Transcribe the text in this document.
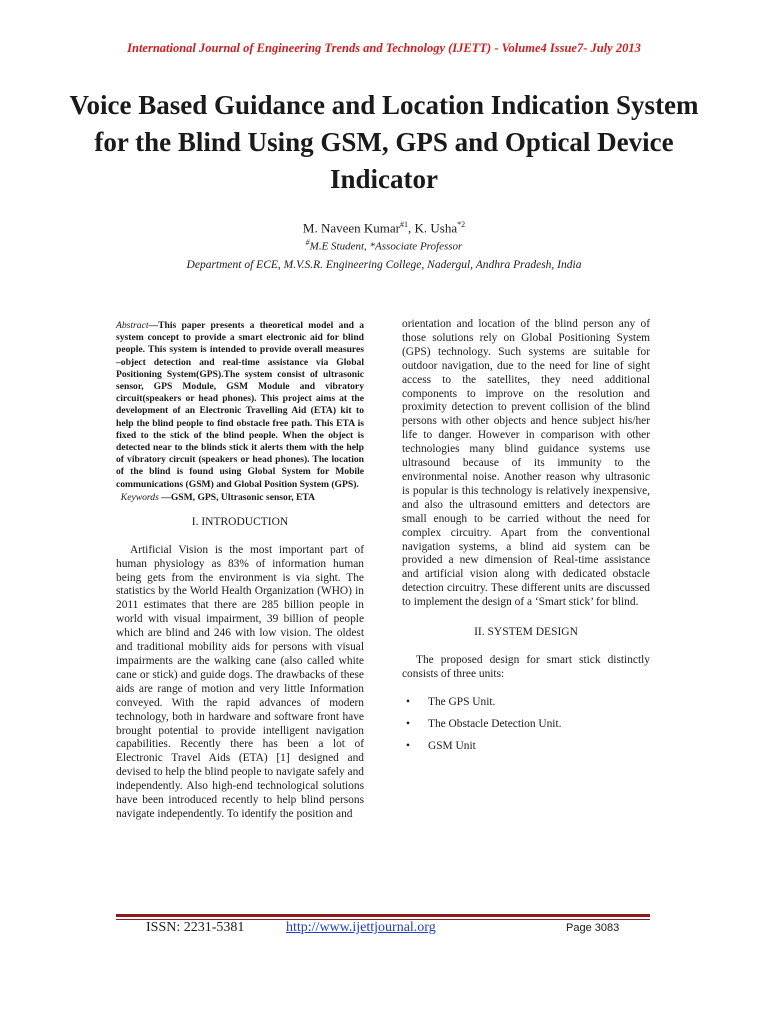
International Journal of Engineering Trends and Technology (IJETT) - Volume4 Issue7- July 2013
Voice Based Guidance and Location Indication System for the Blind Using GSM, GPS and Optical Device Indicator
M. Naveen Kumar$^{\#1}$, K. Usha$^{*2}$
#M.E Student, *Associate Professor
Department of ECE, M.V.S.R. Engineering College, Nadergul, Andhra Pradesh, India

Abstract—This paper presents a theoretical model and a system concept to provide a smart electronic aid for blind people. This system is intended to provide overall measures –object detection and real-time assistance via Global Positioning System(GPS).The system consist of ultrasonic sensor, GPS Module, GSM Module and vibratory circuit(speakers or head phones). This project aims at the development of an Electronic Travelling Aid (ETA) kit to help the blind people to find obstacle free path. This ETA is fixed to the stick of the blind people. When the object is detected near to the blinds stick it alerts them with the help of vibratory circuit (speakers or head phones). The location of the blind is found using Global System for Mobile communications (GSM) and Global Position System (GPS).

Keywords —GSM, GPS, Ultrasonic sensor, ETA

I. INTRODUCTION

Artificial Vision is the most important part of human physiology as 83% of information human being gets from the environment is via sight. The statistics by the World Health Organization (WHO) in 2011 estimates that there are 285 billion people in world with visual impairment, 39 billion of people which are blind and 246 with low vision. The oldest and traditional mobility aids for persons with visual impairments are the walking cane (also called white cane or stick) and guide dogs. The drawbacks of these aids are range of motion and very little Information conveyed. With the rapid advances of modern technology, both in hardware and software front have brought potential to provide intelligent navigation capabilities. Recently there has been a lot of Electronic Travel Aids (ETA) [1] designed and devised to help the blind people to navigate safely and independently. Also high-end technological solutions have been introduced recently to help blind persons navigate independently. To identify the position and

orientation and location of the blind person any of those solutions rely on Global Positioning System (GPS) technology. Such systems are suitable for outdoor navigation, due to the need for line of sight access to the satellites, they need additional components to improve on the resolution and proximity detection to prevent collision of the blind persons with other objects and hence subject his/her life to danger. However in comparison with other technologies many blind guidance systems use ultrasound because of its immunity to the environmental noise. Another reason why ultrasonic is popular is this technology is relatively inexpensive, and also the ultrasound emitters and detectors are small enough to be carried without the need for complex circuitry. Apart from the conventional navigation systems, a blind aid system can be provided a new dimension of Real-time assistance and artificial vision along with dedicated obstacle detection circuitry. These different units are discussed to implement the design of a ‘Smart stick’ for blind.

II. SYSTEM DESIGN

The proposed design for smart stick distinctly consists of three units:

•	The GPS Unit.
•	The Obstacle Detection Unit.
•	GSM Unit
ISSN: 2231-5381	http://www.ijettjournal.org	Page 3083
